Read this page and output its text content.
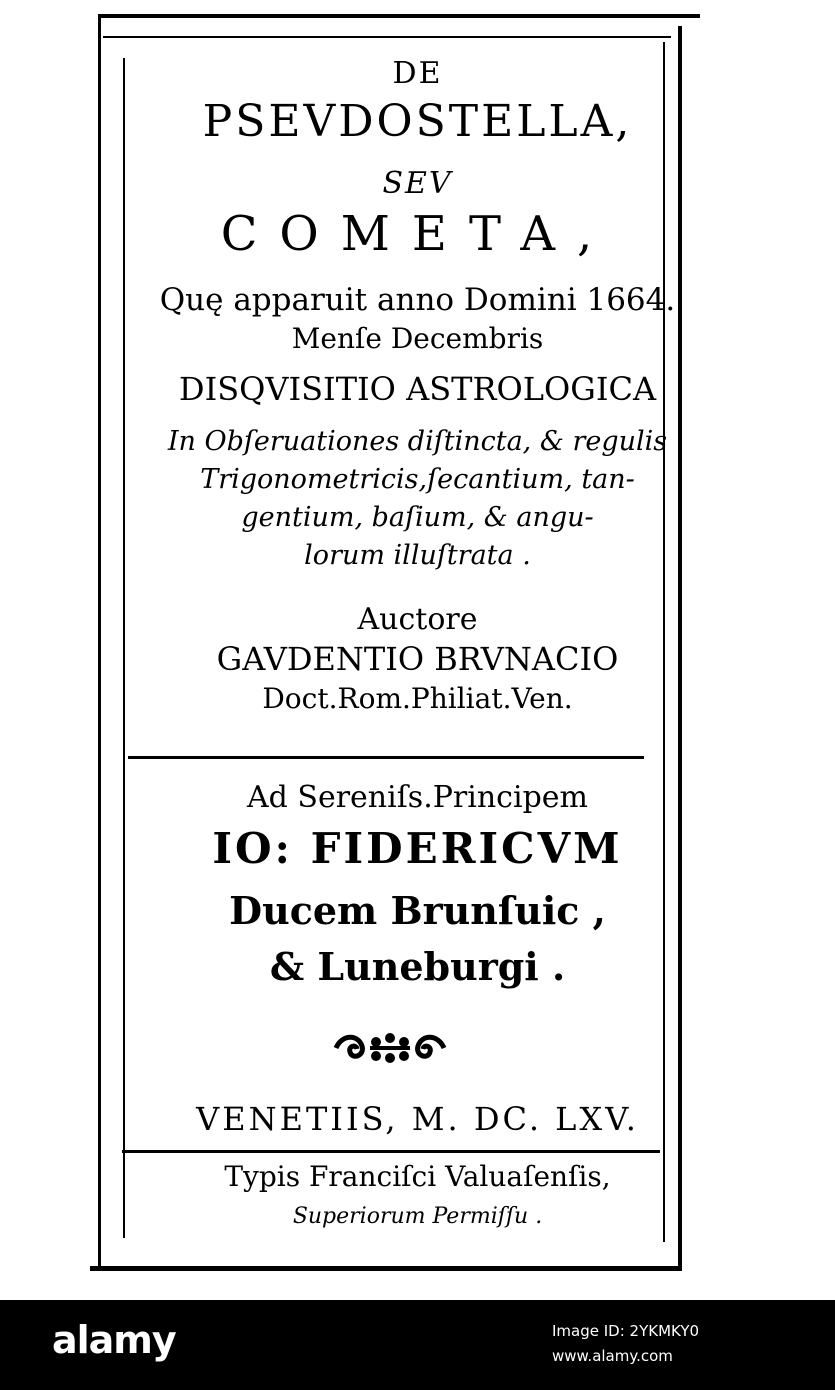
DE
PSEVDOSTELLA,
SEV
COMETA,
Quę apparuit anno Domini 1664.
Menſe Decembris
DISQVISITIO ASTROLOGICA
In Obſeruationes diſtincta, & regulis
Trigonometricis,ſecantium, tan-
gentium, baſium, & angu-
lorum illuſtrata .
Auctore
GAVDENTIO BRVNACIO
Doct.Rom.Philiat.Ven.
Ad Sereniſs.Principem
IO: FIDERICVM
Ducem Brunſuic ,
& Luneburgi .
VENETIIS, M. DC. LXV.
Typis Franciſci Valuaſenſis,
Superiorum Permiſſu .
alamy	Image ID: 2YKMKY0
www.alamy.com
